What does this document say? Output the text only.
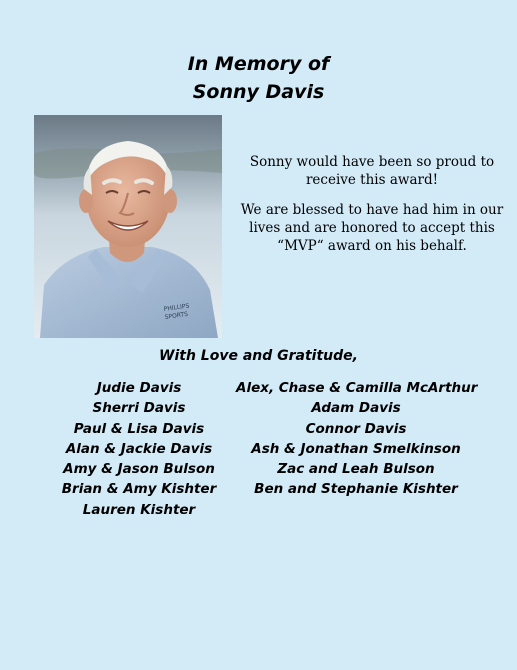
In Memory of
Sonny Davis
PHILLIPS
SPORTS

Sonny would have been so proud to receive this award!

We are blessed to have had him in our lives and are honored to accept this “MVP“ award on his behalf.

With Love and Gratitude,

Judie Davis
Sherri Davis
Paul & Lisa Davis
Alan & Jackie Davis
Amy & Jason Bulson
Brian & Amy Kishter
Lauren Kishter
Alex, Chase & Camilla McArthur
Adam Davis
Connor Davis
Ash & Jonathan Smelkinson
Zac and Leah Bulson
Ben and Stephanie Kishter
